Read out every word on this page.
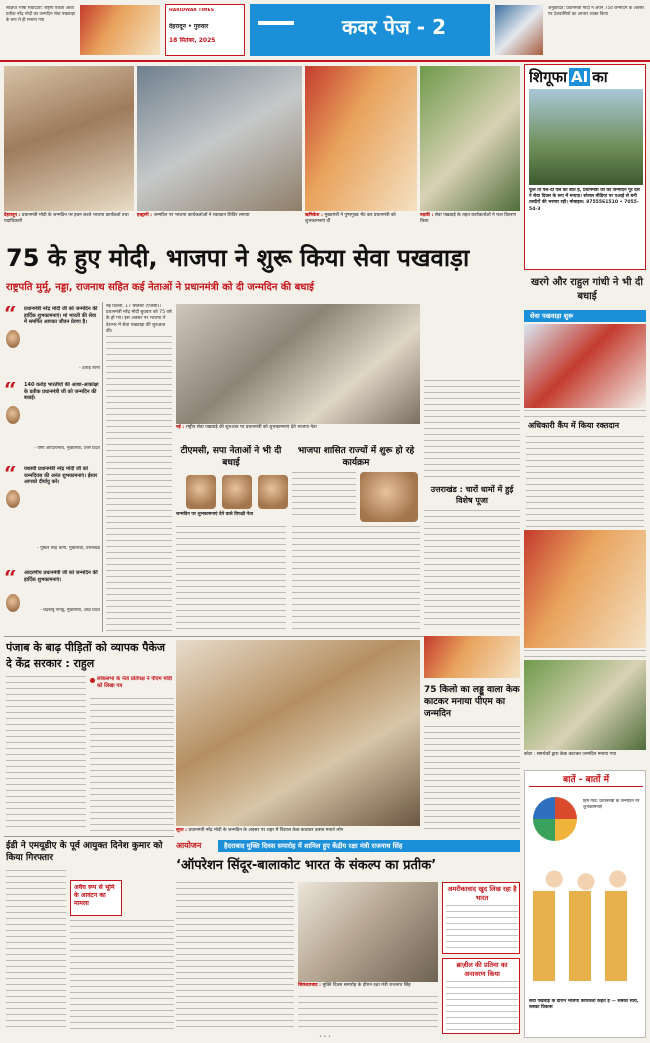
संक्षिप्त भाषा संवादाता: राष्ट्रीय एकता आवा प्रतीक नरेंद्र मोदी का जन्मदिन सेवा पखवाड़ा के रूप में ही मनाया गया
HARIDWAR TIMES
देहरादून • गुरुवार
18 सितंबर, 2025
कवर पेज - 2
अनुवादित: प्रधानमंत्री मोदी ने अपने 75वें जन्मदिन के अवसर पर देशवासियों का आभार व्यक्त किया
देहरादून : प्रधानमंत्री मोदी के जन्मदिन पर हवन करते भाजपा कार्यकर्ता तथा पदाधिकारी
हल्द्वानी : जन्मदिन पर भाजपा कार्यकर्ताओं ने रक्तदान शिविर लगाया	ऋषिकेश : मुख्यमंत्री ने पुष्पगुच्छ भेंट कर प्रधानमंत्री को शुभकामनाएं दीं
रुड़की : सेवा पखवाड़े के तहत कार्यकर्ताओं ने फल वितरण किया
शिगूफा AI का
फूल तो पल-दो पल की बात है, प्रधानमंत्री जी का जन्मदिन पूरे देश ने सेवा दिवस के रूप में मनाया। सोशल मीडिया पर एआई से बनी तस्वीरों की भरमार रही। मोबाइल: 8755561510 • 7055-54-3
75 के हुए मोदी, भाजपा ने शुरू किया सेवा पखवाड़ा
राष्ट्रपति मुर्मू, नड्डा, राजनाथ सहित कई नेताओं ने प्रधानमंत्री को दी जन्मदिन की बधाई	खरगे और राहुल गांधी ने भी दी बधाई
सेवा पखवाड़ा शुरू
अधिकारी कैंप में किया रक्तदान
“ प्रधानमंत्री नरेंद्र मोदी जी को जन्मदिन की हार्दिक शुभकामनाएं। मां भारती की सेवा में समर्पित आपका जीवन प्रेरणा है।
- दलाई लामा
“ 140 करोड़ भारतीयों की आशा-आकांक्षा के प्रतीक प्रधानमंत्री जी को जन्मदिन की बधाई।
- योगी आदित्यनाथ, मुख्यमंत्री, उत्तर प्रदेश
“ यशस्वी प्रधानमंत्री नरेंद्र मोदी जी को जन्मदिवस की अनंत शुभकामनाएं। ईश्वर आपको दीर्घायु करे।
- पुष्कर सिंह धामी, मुख्यमंत्री, उत्तराखंड
“ आदरणीय प्रधानमंत्री जी को जन्मदिन की हार्दिक शुभकामनाएं।
- चंद्रबाबू नायडू, मुख्यमंत्री, आंध्र प्रदेश
नई दिल्ली, 17 सितंबर (एजेंसी)। प्रधानमंत्री नरेंद्र मोदी बुधवार को 75 वर्ष के हो गए। इस अवसर पर भाजपा ने देशभर में सेवा पखवाड़ा की शुरुआत की।
नई : राष्ट्रीय सेवा पखवाड़े की शुरुआत पर प्रधानमंत्री को शुभकामनाएं देते भाजपा नेता
टीएमसी, सपा नेताओं ने भी दी बधाई
जन्मदिन पर शुभकामनाएं देने वाले विपक्षी नेता
भाजपा शासित राज्यों में शुरू हो रहे कार्यक्रम
उत्तराखंड : चारों धामों में हुई विशेष पूजा
पंजाब के बाढ़ पीड़ितों को व्यापक पैकेज दे केंद्र सरकार : राहुल
लोकसभा के नेता प्रतिपक्ष ने पीएम मोदी को लिखा पत्र
सूरत : प्रधानमंत्री नरेंद्र मोदी के जन्मदिन के अवसर पर शहर में विशाल केक काटकर उत्सव मनाते लोग
75 किलो का लड्डू वाला केक काटकर मनाया पीएम का जन्मदिन
कोटा : समर्थकों द्वारा केक काटकर जन्मदिन मनाया गया
बातें - बातों में
हिम गांव: प्रधानमंत्री के जन्मदिन पर शुभकामनाएं
सेवा पखवाड़े के दौरान भाजपा कार्यकर्ता कहते हैं — सबका साथ, सबका विकास
ईडी ने एमयूडीए के पूर्व आयुक्त दिनेश कुमार को किया गिरफ्तार
अवैध रूप से भूमि के आवंटन का मामला
आयोजन	हैदराबाद मुक्ति दिवस समारोह में शामिल हुए केंद्रीय रक्षा मंत्री राजनाथ सिंह
‘ऑपरेशन सिंदूर-बालाकोट भारत के संकल्प का प्रतीक’
सिकंदराबाद : मुक्ति दिवस समारोह के दौरान रक्षा मंत्री राजनाथ सिंह
अमरीकावाद खुद लिख रहा है भारत
ब्राज़ील की प्रतिमा का अनावरण किया
• • •
